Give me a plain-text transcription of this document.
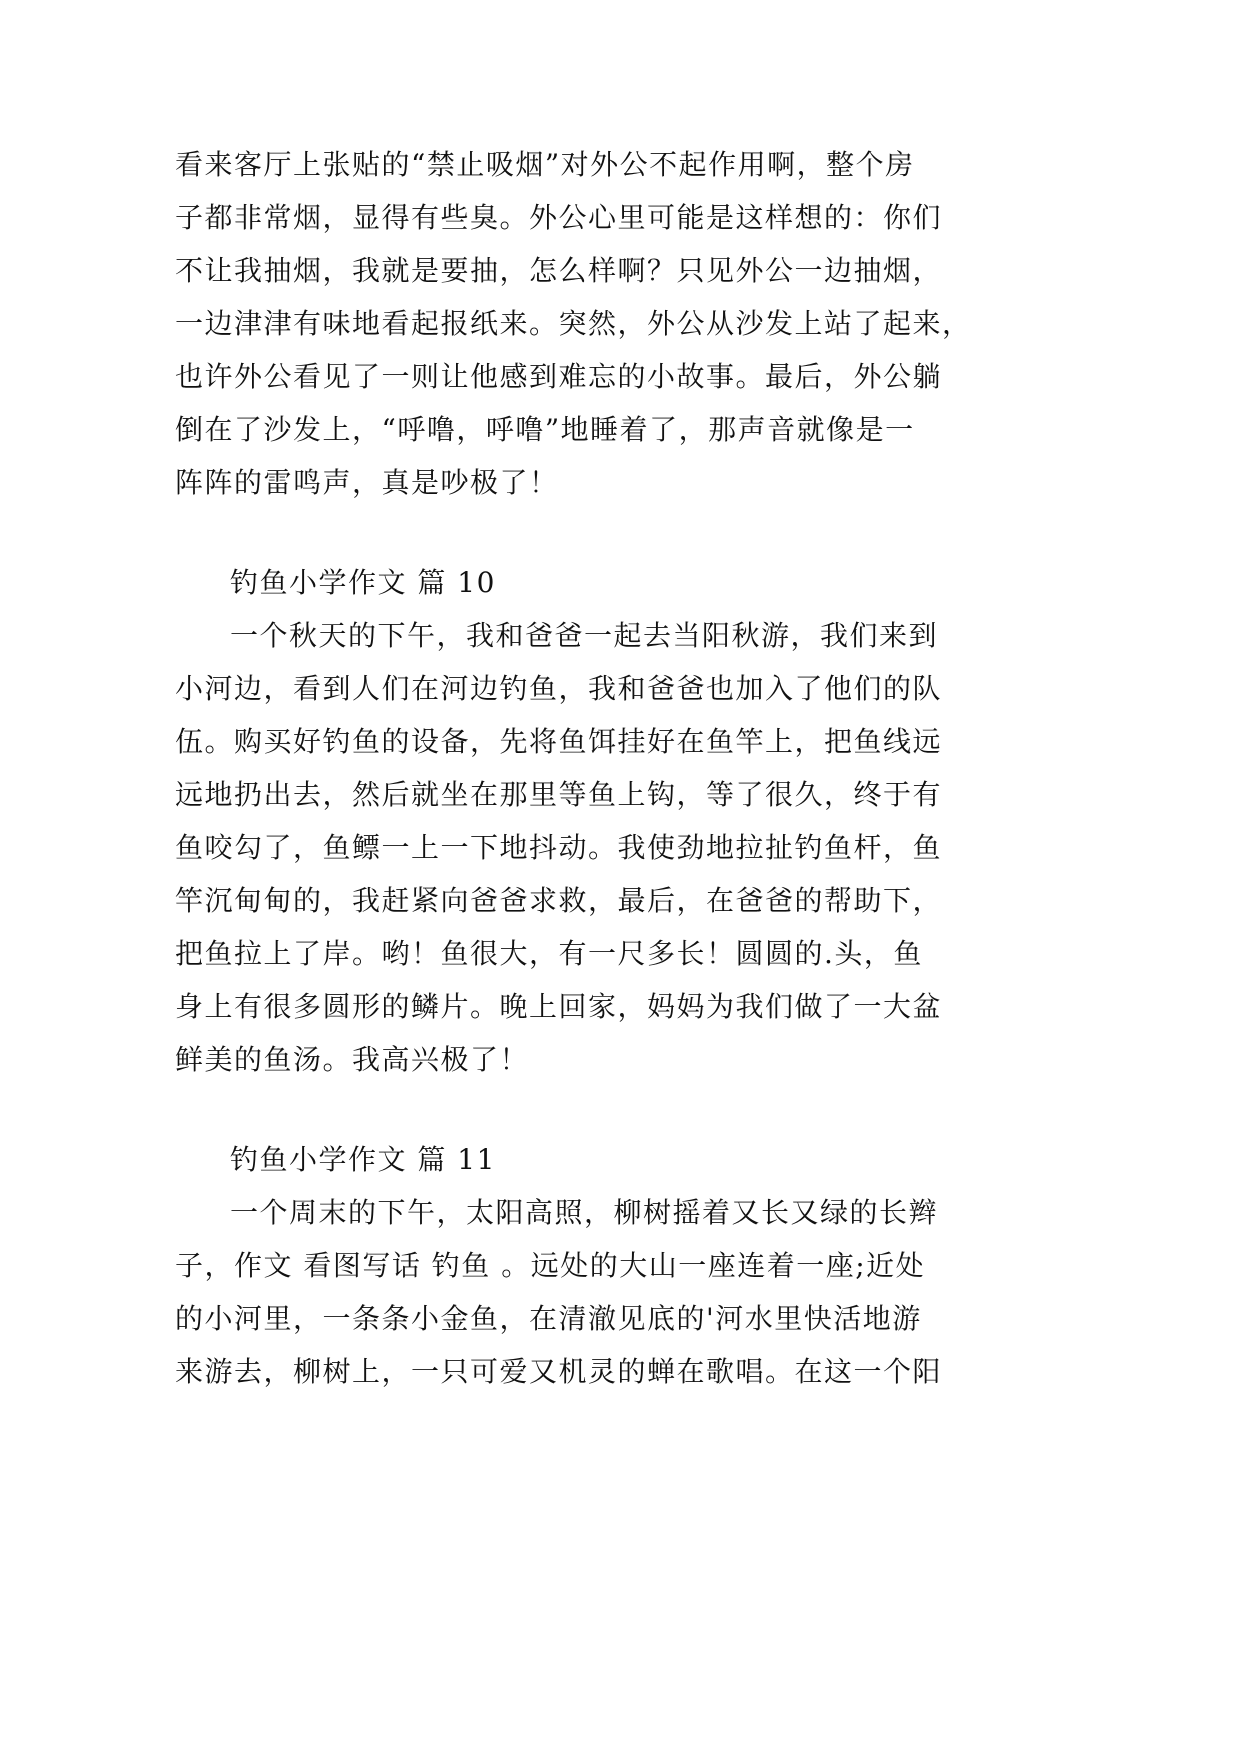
看来客厅上张贴的“禁止吸烟”对外公不起作用啊，整个房
子都非常烟，显得有些臭。外公心里可能是这样想的：你们
不让我抽烟，我就是要抽，怎么样啊？只见外公一边抽烟，
一边津津有味地看起报纸来。突然，外公从沙发上站了起来，
也许外公看见了一则让他感到难忘的小故事。最后，外公躺
倒在了沙发上，“呼噜，呼噜”地睡着了，那声音就像是一
阵阵的雷鸣声，真是吵极了！
钓鱼小学作文 篇 10
一个秋天的下午，我和爸爸一起去当阳秋游，我们来到
小河边，看到人们在河边钓鱼，我和爸爸也加入了他们的队
伍。购买好钓鱼的设备，先将鱼饵挂好在鱼竿上，把鱼线远
远地扔出去，然后就坐在那里等鱼上钩，等了很久，终于有
鱼咬勾了，鱼鳔一上一下地抖动。我使劲地拉扯钓鱼杆，鱼
竿沉甸甸的，我赶紧向爸爸求救，最后，在爸爸的帮助下，
把鱼拉上了岸。哟！鱼很大，有一尺多长！圆圆的.头，鱼
身上有很多圆形的鳞片。晚上回家，妈妈为我们做了一大盆
鲜美的鱼汤。我高兴极了！
钓鱼小学作文 篇 11
一个周末的下午，太阳高照，柳树摇着又长又绿的长辫
子，作文 看图写话 钓鱼 。远处的大山一座连着一座;近处
的小河里，一条条小金鱼，在清澈见底的'河水里快活地游
来游去，柳树上，一只可爱又机灵的蝉在歌唱。在这一个阳
